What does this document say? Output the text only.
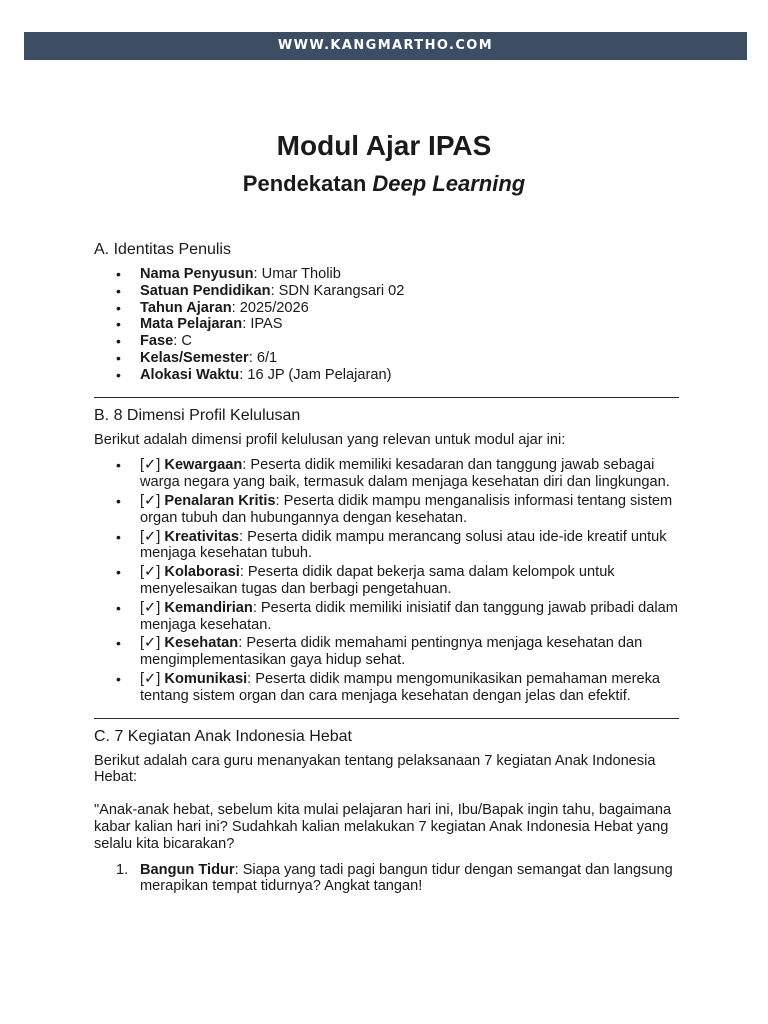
WWW.KANGMARTHO.COM
Modul Ajar IPAS
Pendekatan Deep Learning
A. Identitas Penulis
• Nama Penyusun: Umar Tholib
• Satuan Pendidikan: SDN Karangsari 02
• Tahun Ajaran: 2025/2026
• Mata Pelajaran: IPAS
• Fase: C
• Kelas/Semester: 6/1
• Alokasi Waktu: 16 JP (Jam Pelajaran)
B. 8 Dimensi Profil Kelulusan

Berikut adalah dimensi profil kelulusan yang relevan untuk modul ajar ini:

• [✓] Kewargaan: Peserta didik memiliki kesadaran dan tanggung jawab sebagai warga negara yang baik, termasuk dalam menjaga kesehatan diri dan lingkungan.
• [✓] Penalaran Kritis: Peserta didik mampu menganalisis informasi tentang sistem organ tubuh dan hubungannya dengan kesehatan.
• [✓] Kreativitas: Peserta didik mampu merancang solusi atau ide-ide kreatif untuk menjaga kesehatan tubuh.
• [✓] Kolaborasi: Peserta didik dapat bekerja sama dalam kelompok untuk menyelesaikan tugas dan berbagi pengetahuan.
• [✓] Kemandirian: Peserta didik memiliki inisiatif dan tanggung jawab pribadi dalam menjaga kesehatan.
• [✓] Kesehatan: Peserta didik memahami pentingnya menjaga kesehatan dan mengimplementasikan gaya hidup sehat.
• [✓] Komunikasi: Peserta didik mampu mengomunikasikan pemahaman mereka tentang sistem organ dan cara menjaga kesehatan dengan jelas dan efektif.
C. 7 Kegiatan Anak Indonesia Hebat

Berikut adalah cara guru menanyakan tentang pelaksanaan 7 kegiatan Anak Indonesia Hebat:

"Anak-anak hebat, sebelum kita mulai pelajaran hari ini, Ibu/Bapak ingin tahu, bagaimana kabar kalian hari ini? Sudahkah kalian melakukan 7 kegiatan Anak Indonesia Hebat yang selalu kita bicarakan?

1. Bangun Tidur: Siapa yang tadi pagi bangun tidur dengan semangat dan langsung merapikan tempat tidurnya? Angkat tangan!
